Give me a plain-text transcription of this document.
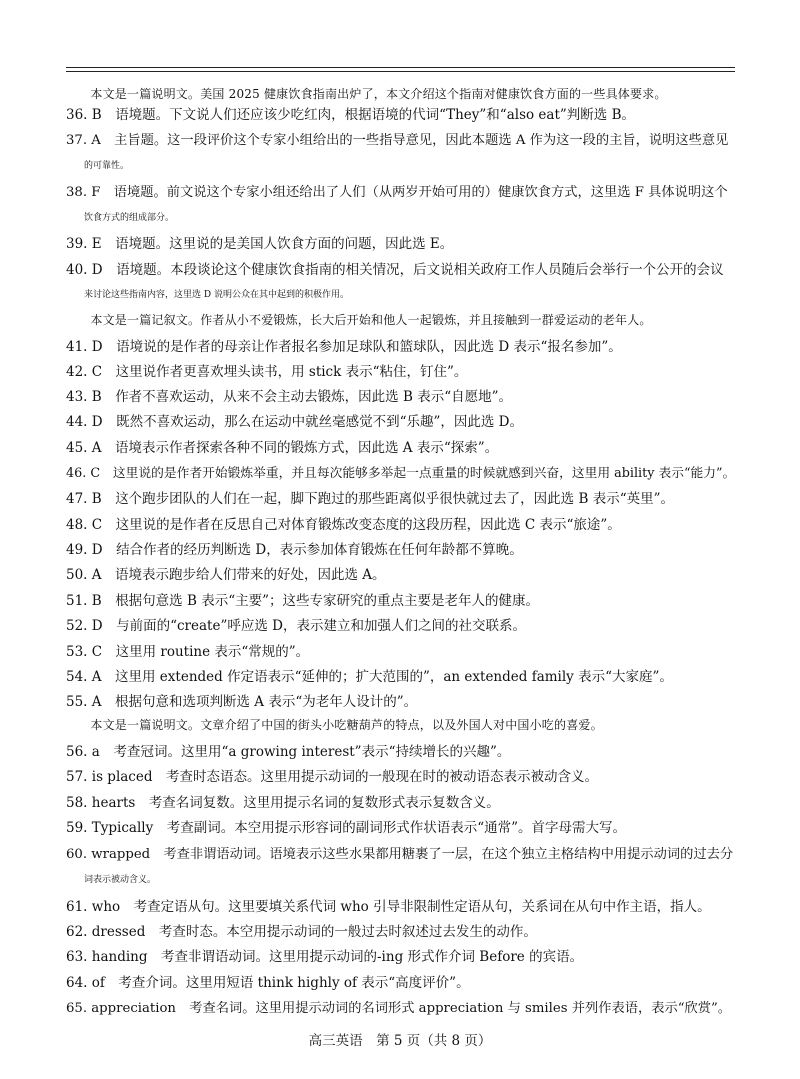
　　本文是一篇说明文。美国 2025 健康饮食指南出炉了，本文介绍这个指南对健康饮食方面的一些具体要求。
36. B　 语境题。下文说人们还应该少吃红肉，根据语境的代词“They”和“also eat”判断选 B。
37. A　 主旨题。这一段评价这个专家小组给出的一些指导意见，因此本题选 A 作为这一段的主旨，说明这些意见
的可靠性。
38. F　 语境题。前文说这个专家小组还给出了人们（从两岁开始可用的）健康饮食方式，这里选 F 具体说明这个
饮食方式的组成部分。
39. E　 语境题。这里说的是美国人饮食方面的问题，因此选 E。
40. D　 语境题。本段谈论这个健康饮食指南的相关情况，后文说相关政府工作人员随后会举行一个公开的会议
来讨论这些指南内容，这里选 D 说明公众在其中起到的积极作用。
　　本文是一篇记叙文。作者从小不爱锻炼，长大后开始和他人一起锻炼，并且接触到一群爱运动的老年人。
41. D　 语境说的是作者的母亲让作者报名参加足球队和篮球队，因此选 D 表示“报名参加”。
42. C　 这里说作者更喜欢埋头读书，用 stick 表示“粘住，钉住”。
43. B　 作者不喜欢运动，从来不会主动去锻炼，因此选 B 表示“自愿地”。
44. D　 既然不喜欢运动，那么在运动中就丝毫感觉不到“乐趣”，因此选 D。
45. A　 语境表示作者探索各种不同的锻炼方式，因此选 A 表示“探索”。
46. C　 这里说的是作者开始锻炼举重，并且每次能够多举起一点重量的时候就感到兴奋，这里用 ability 表示“能力”。
47. B　 这个跑步团队的人们在一起，脚下跑过的那些距离似乎很快就过去了，因此选 B 表示“英里”。
48. C　 这里说的是作者在反思自己对体育锻炼改变态度的这段历程，因此选 C 表示“旅途”。
49. D　 结合作者的经历判断选 D，表示参加体育锻炼在任何年龄都不算晚。
50. A　 语境表示跑步给人们带来的好处，因此选 A。
51. B　 根据句意选 B 表示“主要”；这些专家研究的重点主要是老年人的健康。
52. D　 与前面的“create”呼应选 D，表示建立和加强人们之间的社交联系。
53. C　 这里用 routine 表示“常规的”。
54. A　 这里用 extended 作定语表示“延伸的；扩大范围的”，an extended family 表示“大家庭”。
55. A　 根据句意和选项判断选 A 表示“为老年人设计的”。
　　本文是一篇说明文。文章介绍了中国的街头小吃糖葫芦的特点，以及外国人对中国小吃的喜爱。
56. a　 考查冠词。这里用“a growing interest”表示“持续增长的兴趣”。
57. is placed　 考查时态语态。这里用提示动词的一般现在时的被动语态表示被动含义。
58. hearts　 考查名词复数。这里用提示名词的复数形式表示复数含义。
59. Typically　 考查副词。本空用提示形容词的副词形式作状语表示“通常”。首字母需大写。
60. wrapped　 考查非谓语动词。语境表示这些水果都用糖裹了一层，在这个独立主格结构中用提示动词的过去分
词表示被动含义。
61. who　 考查定语从句。这里要填关系代词 who 引导非限制性定语从句，关系词在从句中作主语，指人。
62. dressed　 考查时态。本空用提示动词的一般过去时叙述过去发生的动作。
63. handing　 考查非谓语动词。这里用提示动词的-ing 形式作介词 Before 的宾语。
64. of　 考查介词。这里用短语 think highly of 表示“高度评价”。
65. appreciation　 考查名词。这里用提示动词的名词形式 appreciation 与 smiles 并列作表语，表示“欣赏”。
高三英语　第 5 页（共 8 页）
